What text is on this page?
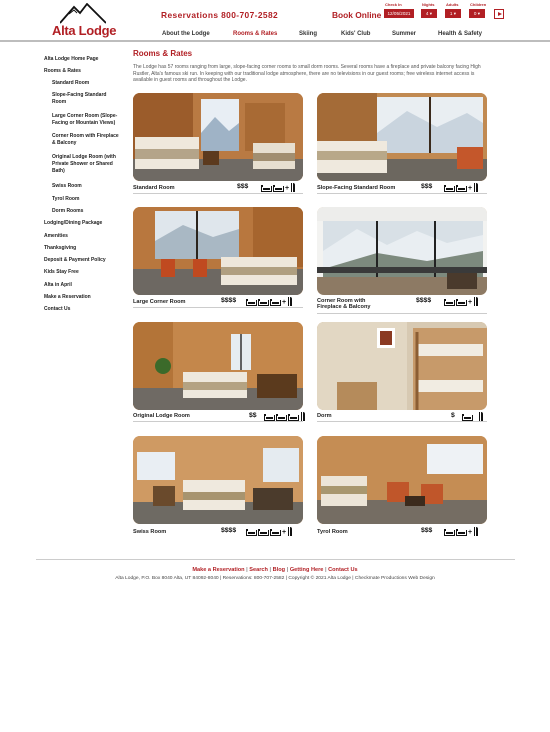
Alta Lodge
Reservations 800-707-2582	Book Online
Check In
12/05/2021
Nights
4 ▾
Adults
1 ▾
Children
0 ▾
About the Lodge	Rooms & Rates	Skiing	Kids' Club	Summer	Health & Safety
Alta Lodge Home Page
Rooms & Rates
Standard Room
Slope-Facing Standard
Room
Large Corner Room (Slope-
Facing or Mountain Views)
Corner Room with Fireplace
& Balcony
Original Lodge Room (with
Private Shower or Shared
Bath)
Swiss Room
Tyrol Room
Dorm Rooms
Lodging/Dining Package
Amenities
Thanksgiving
Deposit & Payment Policy
Kids Stay Free
Alta in April
Make a Reservation
Contact Us
Rooms & Rates
The Lodge has 57 rooms ranging from large, slope-facing corner rooms to small dorm rooms. Several rooms have a fireplace and private balcony facing High Rustler, Alta's famous ski run. In keeping with our traditional lodge atmosphere, there are no televisions in our guest rooms; free wireless internet access is available in guest rooms and throughout the Lodge.
Standard Room	$$$	+	Slope-Facing Standard Room	$$$	+
Large Corner Room	$$$$	+	Corner Room with
Fireplace & Balcony
$$$$	+
Original Lodge Room	$$	Dorm	$
Swiss Room	$$$$	+	Tyrol Room	$$$	+
Make a Reservation | Search | Blog | Getting Here | Contact Us
Alta Lodge, P.O. Box 8040 Alta, UT 84092-8040 | Reservations: 800-707-2582 | Copyright © 2021 Alta Lodge | Checkmate Productions Web Design
